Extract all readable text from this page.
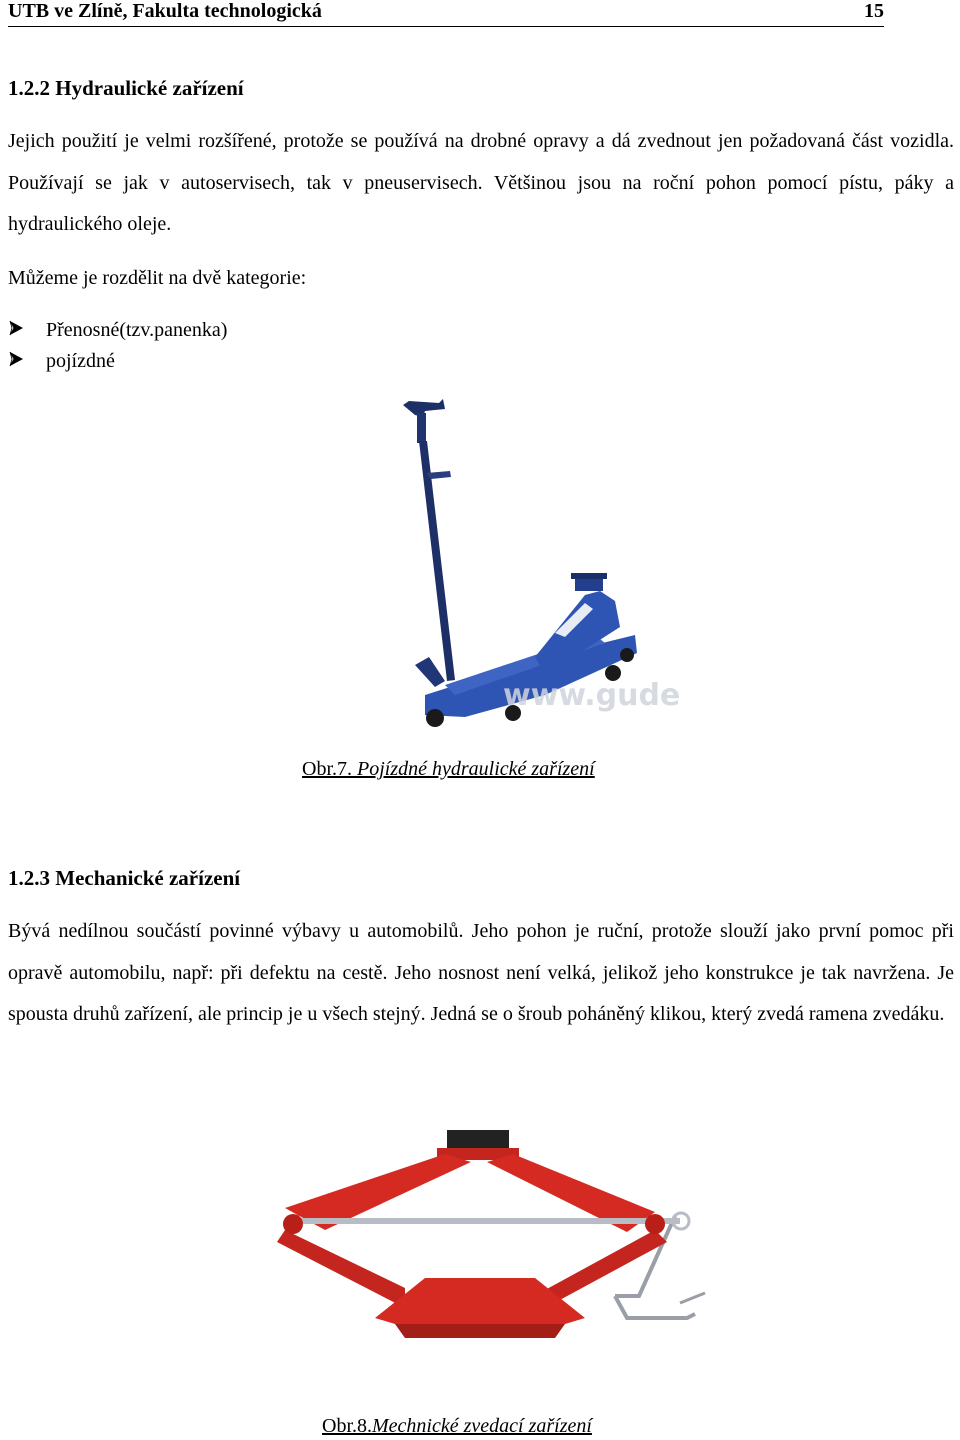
UTB ve Zlíně, Fakulta technologická	15
1.2.2 Hydraulické zařízení

Jejich použití je velmi rozšířené, protože se používá na drobné opravy a dá zvednout jen požadovaná část vozidla. Používají se jak v autoservisech, tak v pneuservisech. Většinou jsou na roční pohon pomocí pístu, páky a hydraulického oleje.

Můžeme je rozdělit na dvě kategorie:
Přenosné(tzv.panenka)
pojízdné
www.gude
Obr.7. Pojízdné hydraulické zařízení
1.2.3 Mechanické zařízení

Bývá nedílnou součástí povinné výbavy u automobilů. Jeho pohon je ruční, protože slouží jako první pomoc při opravě automobilu, např: při defektu na cestě. Jeho nosnost není velká, jelikož jeho konstrukce je tak navržena. Je spousta druhů zařízení, ale princip je u všech stejný. Jedná se o šroub poháněný klikou, který zvedá ramena zvedáku.

Obr.8.Mechnické zvedací zařízení
